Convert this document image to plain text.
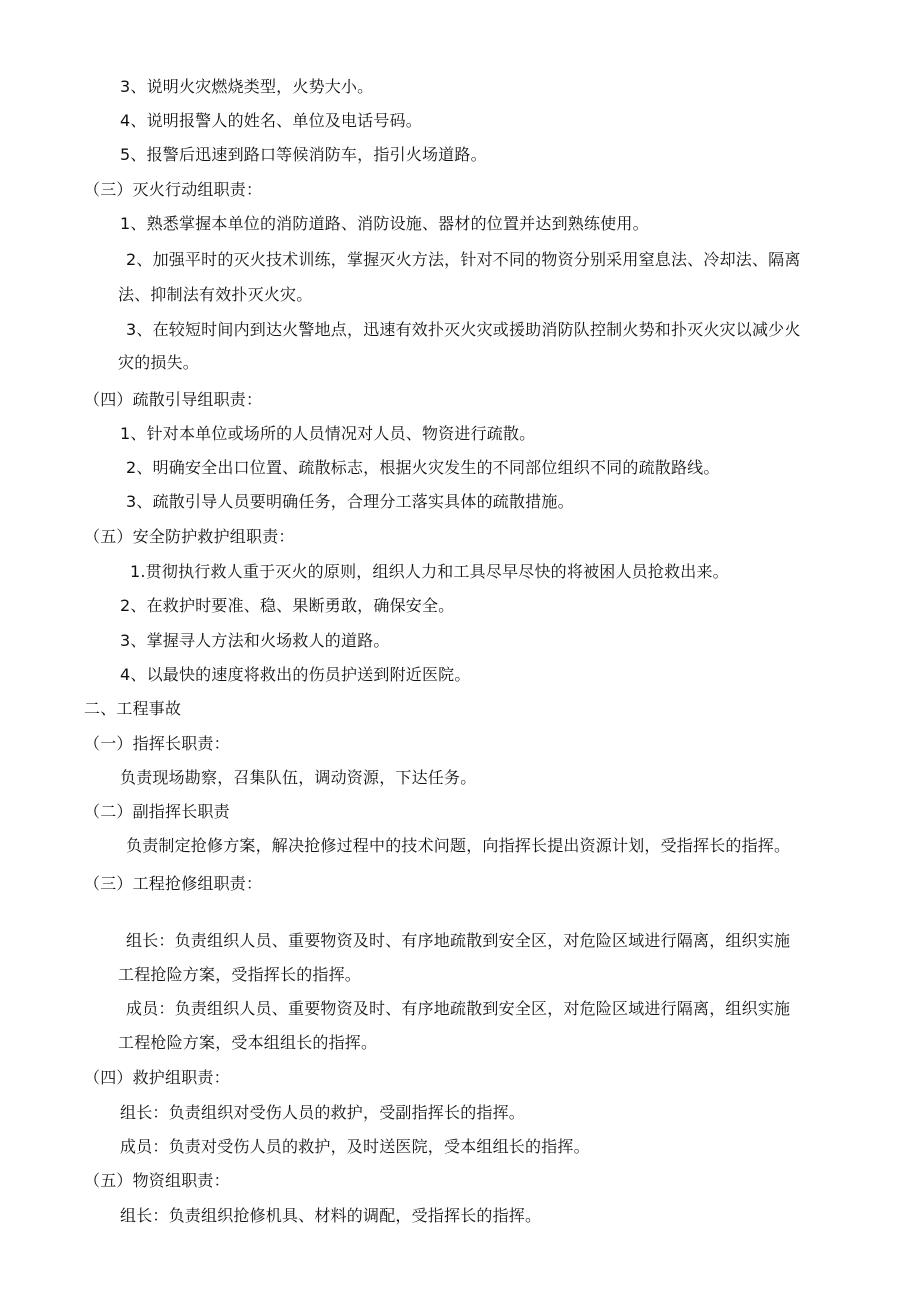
3、说明火灾燃烧类型，火势大小。
4、说明报警人的姓名、单位及电话号码。
5、报警后迅速到路口等候消防车，指引火场道路。
（三）灭火行动组职责：
1、熟悉掌握本单位的消防道路、消防设施、器材的位置并达到熟练使用。
2、加强平时的灭火技术训练，掌握灭火方法，针对不同的物资分别采用窒息法、冷却法、隔离
法、抑制法有效扑灭火灾。
3、在较短时间内到达火警地点，迅速有效扑灭火灾或援助消防队控制火势和扑灭火灾以减少火
灾的损失。
（四）疏散引导组职责：
1、针对本单位或场所的人员情况对人员、物资进行疏散。
2、明确安全出口位置、疏散标志，根据火灾发生的不同部位组织不同的疏散路线。
3、疏散引导人员要明确任务，合理分工落实具体的疏散措施。
（五）安全防护救护组职责：
1.贯彻执行救人重于灭火的原则，组织人力和工具尽早尽快的将被困人员抢救出来。
2、在救护时要准、稳、果断勇敢，确保安全。
3、掌握寻人方法和火场救人的道路。
4、以最快的速度将救出的伤员护送到附近医院。
二、工程事故
（一）指挥长职责：
负责现场勘察，召集队伍，调动资源，下达任务。
（二）副指挥长职责
负责制定抢修方案，解决抢修过程中的技术问题，向指挥长提出资源计划，受指挥长的指挥。
（三）工程抢修组职责：
组长：负责组织人员、重要物资及时、有序地疏散到安全区，对危险区域进行隔离，组织实施
工程抢险方案，受指挥长的指挥。
成员：负责组织人员、重要物资及时、有序地疏散到安全区，对危险区域进行隔离，组织实施
工程枪险方案，受本组组长的指挥。
（四）救护组职责：
组长：负责组织对受伤人员的救护，受副指挥长的指挥。
成员：负责对受伤人员的救护，及时送医院，受本组组长的指挥。
（五）物资组职责：
组长：负责组织抢修机具、材料的调配，受指挥长的指挥。
